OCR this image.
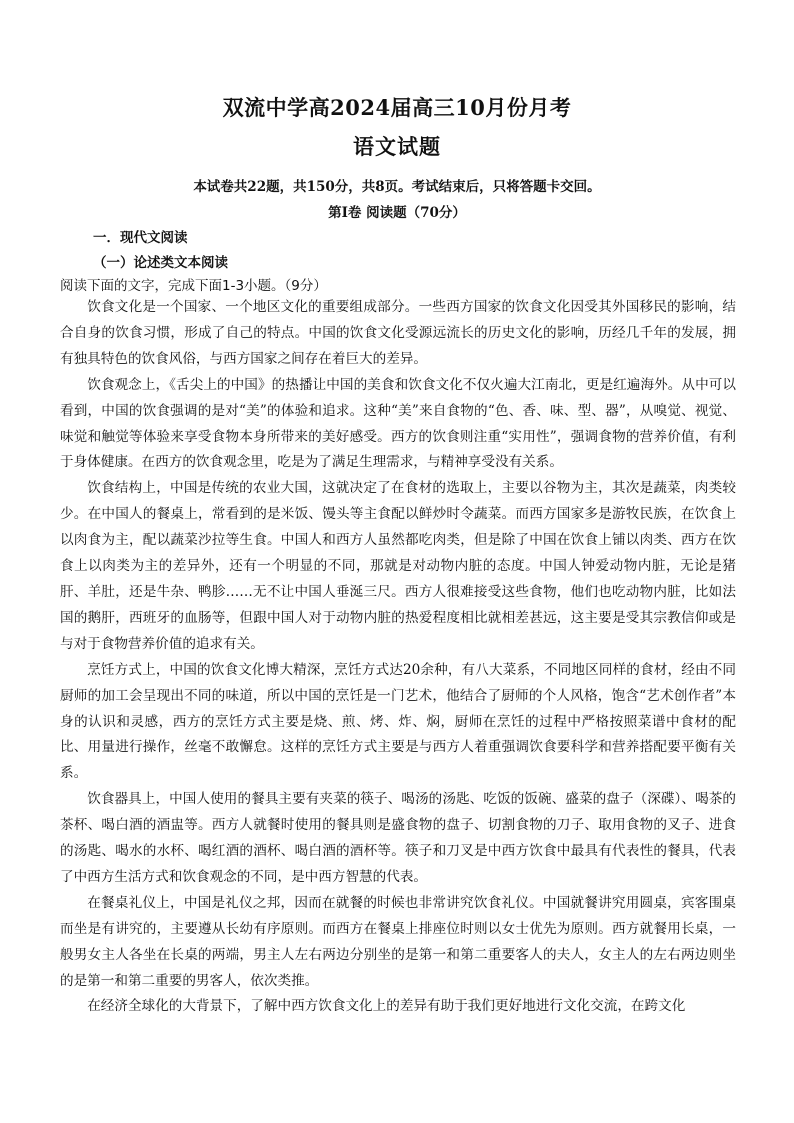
双流中学高2024届高三10月份月考
语文试题
本试卷共22题，共150分，共8页。考试结束后，只将答题卡交回。
第Ⅰ卷 阅读题（70分）
一．现代文阅读
（一）论述类文本阅读
阅读下面的文字，完成下面1-3小题。（9分）

饮食文化是一个国家、一个地区文化的重要组成部分。一些西方国家的饮食文化因受其外国移民的影响，结合自身的饮食习惯，形成了自己的特点。中国的饮食文化受源远流长的历史文化的影响，历经几千年的发展，拥有独具特色的饮食风俗，与西方国家之间存在着巨大的差异。

饮食观念上，《舌尖上的中国》的热播让中国的美食和饮食文化不仅火遍大江南北，更是红遍海外。从中可以看到，中国的饮食强调的是对“美”的体验和追求。这种“美”来自食物的“色、香、味、型、器”，从嗅觉、视觉、味觉和触觉等体验来享受食物本身所带来的美好感受。西方的饮食则注重“实用性”，强调食物的营养价值，有利于身体健康。在西方的饮食观念里，吃是为了满足生理需求，与精神享受没有关系。

饮食结构上，中国是传统的农业大国，这就决定了在食材的选取上，主要以谷物为主，其次是蔬菜，肉类较少。在中国人的餐桌上，常看到的是米饭、馒头等主食配以鲜炒时令蔬菜。而西方国家多是游牧民族，在饮食上以肉食为主，配以蔬菜沙拉等生食。中国人和西方人虽然都吃肉类，但是除了中国在饮食上铺以肉类、西方在饮食上以肉类为主的差异外，还有一个明显的不同，那就是对动物内脏的态度。中国人钟爱动物内脏，无论是猪肝、羊肚，还是牛杂、鸭胗……无不让中国人垂涎三尺。西方人很难接受这些食物，他们也吃动物内脏，比如法国的鹅肝，西班牙的血肠等，但跟中国人对于动物内脏的热爱程度相比就相差甚远，这主要是受其宗教信仰或是与对于食物营养价值的追求有关。

烹饪方式上，中国的饮食文化博大精深，烹饪方式达20余种，有八大菜系，不同地区同样的食材，经由不同厨师的加工会呈现出不同的味道，所以中国的烹饪是一门艺术，他结合了厨师的个人风格，饱含“艺术创作者”本身的认识和灵感，西方的烹饪方式主要是烧、煎、烤、炸、焖，厨师在烹饪的过程中严格按照菜谱中食材的配比、用量进行操作，丝毫不敢懈怠。这样的烹饪方式主要是与西方人着重强调饮食要科学和营养搭配要平衡有关系。

饮食器具上，中国人使用的餐具主要有夹菜的筷子、喝汤的汤匙、吃饭的饭碗、盛菜的盘子（深碟）、喝茶的茶杯、喝白酒的酒盅等。西方人就餐时使用的餐具则是盛食物的盘子、切割食物的刀子、取用食物的叉子、进食的汤匙、喝水的水杯、喝红酒的酒杯、喝白酒的酒杯等。筷子和刀叉是中西方饮食中最具有代表性的餐具，代表了中西方生活方式和饮食观念的不同，是中西方智慧的代表。

在餐桌礼仪上，中国是礼仪之邦，因而在就餐的时候也非常讲究饮食礼仪。中国就餐讲究用圆桌，宾客围桌而坐是有讲究的，主要遵从长幼有序原则。而西方在餐桌上排座位时则以女士优先为原则。西方就餐用长桌，一般男女主人各坐在长桌的两端，男主人左右两边分别坐的是第一和第二重要客人的夫人，女主人的左右两边则坐的是第一和第二重要的男客人，依次类推。

在经济全球化的大背景下，了解中西方饮食文化上的差异有助于我们更好地进行文化交流，在跨文化
